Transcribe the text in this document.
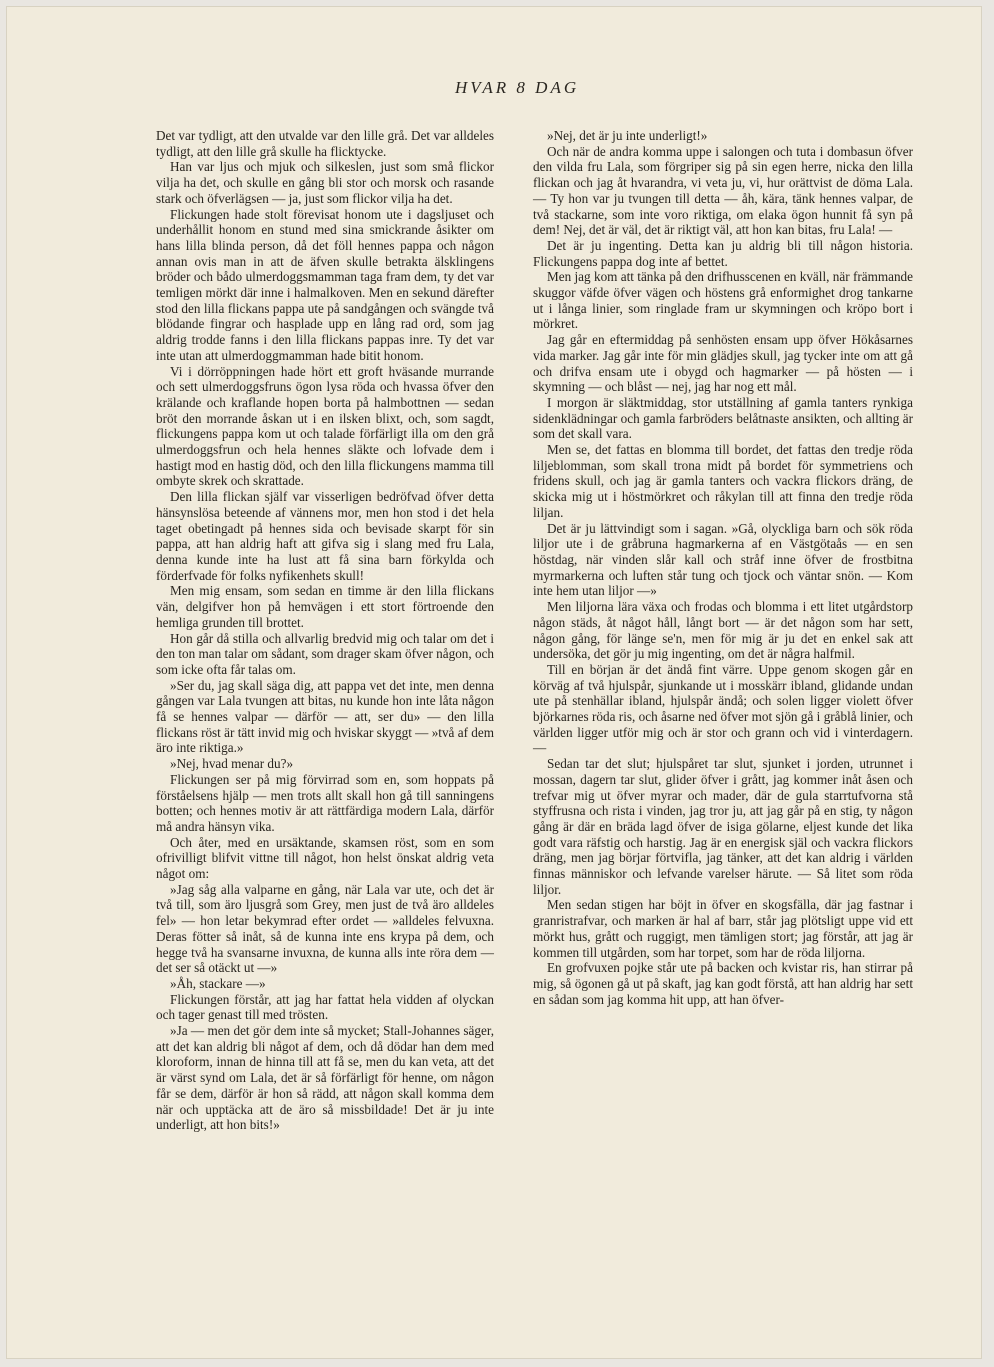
HVAR 8 DAG

Det var tydligt, att den utvalde var den lille grå. Det var alldeles tydligt, att den lille grå skulle ha flicktycke.

Han var ljus och mjuk och silkeslen, just som små flickor vilja ha det, och skulle en gång bli stor och morsk och rasande stark och öfverlägsen — ja, just som flickor vilja ha det.

Flickungen hade stolt förevisat honom ute i dagsljuset och underhållit honom en stund med sina smickrande åsikter om hans lilla blinda person, då det föll hennes pappa och någon annan ovis man in att de äfven skulle betrakta älsklingens bröder och bådo ulmerdoggsmamman taga fram dem, ty det var temligen mörkt där inne i halmalkoven. Men en sekund därefter stod den lilla flickans pappa ute på sandgången och svängde två blödande fingrar och hasplade upp en lång rad ord, som jag aldrig trodde fanns i den lilla flickans pappas inre. Ty det var inte utan att ulmerdoggmamman hade bitit honom.

Vi i dörröppningen hade hört ett groft hväsande murrande och sett ulmerdoggsfruns ögon lysa röda och hvassa öfver den krälande och kraflande hopen borta på halmbottnen — sedan bröt den morrande åskan ut i en ilsken blixt, och, som sagdt, flickungens pappa kom ut och talade förfärligt illa om den grå ulmerdoggsfrun och hela hennes släkte och lofvade dem i hastigt mod en hastig död, och den lilla flickungens mamma till ombyte skrek och skrattade.

Den lilla flickan själf var visserligen bedröfvad öfver detta hänsynslösa beteende af vännens mor, men hon stod i det hela taget obetingadt på hennes sida och bevisade skarpt för sin pappa, att han aldrig haft att gifva sig i slang med fru Lala, denna kunde inte ha lust att få sina barn förkylda och förderfvade för folks nyfikenhets skull!

Men mig ensam, som sedan en timme är den lilla flickans vän, delgifver hon på hemvägen i ett stort förtroende den hemliga grunden till brottet.

Hon går då stilla och allvarlig bredvid mig och talar om det i den ton man talar om sådant, som drager skam öfver någon, och som icke ofta får talas om.

»Ser du, jag skall säga dig, att pappa vet det inte, men denna gången var Lala tvungen att bitas, nu kunde hon inte låta någon få se hennes valpar — därför — att, ser du» — den lilla flickans röst är tätt invid mig och hviskar skyggt — »två af dem äro inte riktiga.»

»Nej, hvad menar du?»

Flickungen ser på mig förvirrad som en, som hoppats på förståelsens hjälp — men trots allt skall hon gå till sanningens botten; och hennes motiv är att rättfärdiga modern Lala, därför må andra hänsyn vika.

Och åter, med en ursäktande, skamsen röst, som en som ofrivilligt blifvit vittne till något, hon helst önskat aldrig veta något om:

»Jag såg alla valparne en gång, när Lala var ute, och det är två till, som äro ljusgrå som Grey, men just de två äro alldeles fel» — hon letar bekymrad efter ordet — »alldeles felvuxna. Deras fötter så inåt, så de kunna inte ens krypa på dem, och hegge två ha svansarne invuxna, de kunna alls inte röra dem — det ser så otäckt ut —»

»Åh, stackare —»

Flickungen förstår, att jag har fattat hela vidden af olyckan och tager genast till med trösten.

»Ja — men det gör dem inte så mycket; Stall-Johannes säger, att det kan aldrig bli något af dem, och då dödar han dem med kloroform, innan de hinna till att få se, men du kan veta, att det är värst synd om Lala, det är så förfärligt för henne, om någon får se dem, därför är hon så rädd, att någon skall komma dem när och upptäcka att de äro så missbildade! Det är ju inte underligt, att hon bits!»

»Nej, det är ju inte underligt!»

Och när de andra komma uppe i salongen och tuta i dombasun öfver den vilda fru Lala, som förgriper sig på sin egen herre, nicka den lilla flickan och jag åt hvarandra, vi veta ju, vi, hur orättvist de döma Lala. — Ty hon var ju tvungen till detta — åh, kära, tänk hennes valpar, de två stackarne, som inte voro riktiga, om elaka ögon hunnit få syn på dem! Nej, det är väl, det är riktigt väl, att hon kan bitas, fru Lala! —

Det är ju ingenting. Detta kan ju aldrig bli till någon historia. Flickungens pappa dog inte af bettet.

Men jag kom att tänka på den drifhusscenen en kväll, när främmande skuggor väfde öfver vägen och höstens grå enformighet drog tankarne ut i långa linier, som ringlade fram ur skymningen och kröpo bort i mörkret.

Jag går en eftermiddag på senhösten ensam upp öfver Hökåsarnes vida marker. Jag går inte för min glädjes skull, jag tycker inte om att gå och drifva ensam ute i obygd och hagmarker — på hösten — i skymning — och blåst — nej, jag har nog ett mål.

I morgon är släktmiddag, stor utställning af gamla tanters rynkiga sidenklädningar och gamla farbröders belåtnaste ansikten, och allting är som det skall vara.

Men se, det fattas en blomma till bordet, det fattas den tredje röda liljeblomman, som skall trona midt på bordet för symmetriens och fridens skull, och jag är gamla tanters och vackra flickors dräng, de skicka mig ut i höstmörkret och råkylan till att finna den tredje röda liljan.

Det är ju lättvindigt som i sagan. »Gå, olyckliga barn och sök röda liljor ute i de gråbruna hagmarkerna af en Västgötaås — en sen höstdag, när vinden slår kall och stråf inne öfver de frostbitna myrmarkerna och luften står tung och tjock och väntar snön. — Kom inte hem utan liljor —»

Men liljorna lära växa och frodas och blomma i ett litet utgårdstorp någon städs, åt något håll, långt bort — är det någon som har sett, någon gång, för länge se'n, men för mig är ju det en enkel sak att undersöka, det gör ju mig ingenting, om det är några halfmil.

Till en början är det ändå fint värre. Uppe genom skogen går en körväg af två hjulspår, sjunkande ut i mosskärr ibland, glidande undan ute på stenhällar ibland, hjulspår ändå; och solen ligger violett öfver björkarnes röda ris, och åsarne ned öfver mot sjön gå i gråblå linier, och världen ligger utför mig och är stor och grann och vid i vinterdagern. —

Sedan tar det slut; hjulspåret tar slut, sjunket i jorden, utrunnet i mossan, dagern tar slut, glider öfver i grått, jag kommer inåt åsen och trefvar mig ut öfver myrar och mader, där de gula starrtufvorna stå styffrusna och rista i vinden, jag tror ju, att jag går på en stig, ty någon gång är där en bräda lagd öfver de isiga gölarne, eljest kunde det lika godt vara räfstig och harstig. Jag är en energisk själ och vackra flickors dräng, men jag börjar förtvifla, jag tänker, att det kan aldrig i världen finnas människor och lefvande varelser härute. — Så litet som röda liljor.

Men sedan stigen har böjt in öfver en skogsfälla, där jag fastnar i granristrafvar, och marken är hal af barr, står jag plötsligt uppe vid ett mörkt hus, grått och ruggigt, men tämligen stort; jag förstår, att jag är kommen till utgården, som har torpet, som har de röda liljorna.

En grofvuxen pojke står ute på backen och kvistar ris, han stirrar på mig, så ögonen gå ut på skaft, jag kan godt förstå, att han aldrig har sett en sådan som jag komma hit upp, att han öfver-
